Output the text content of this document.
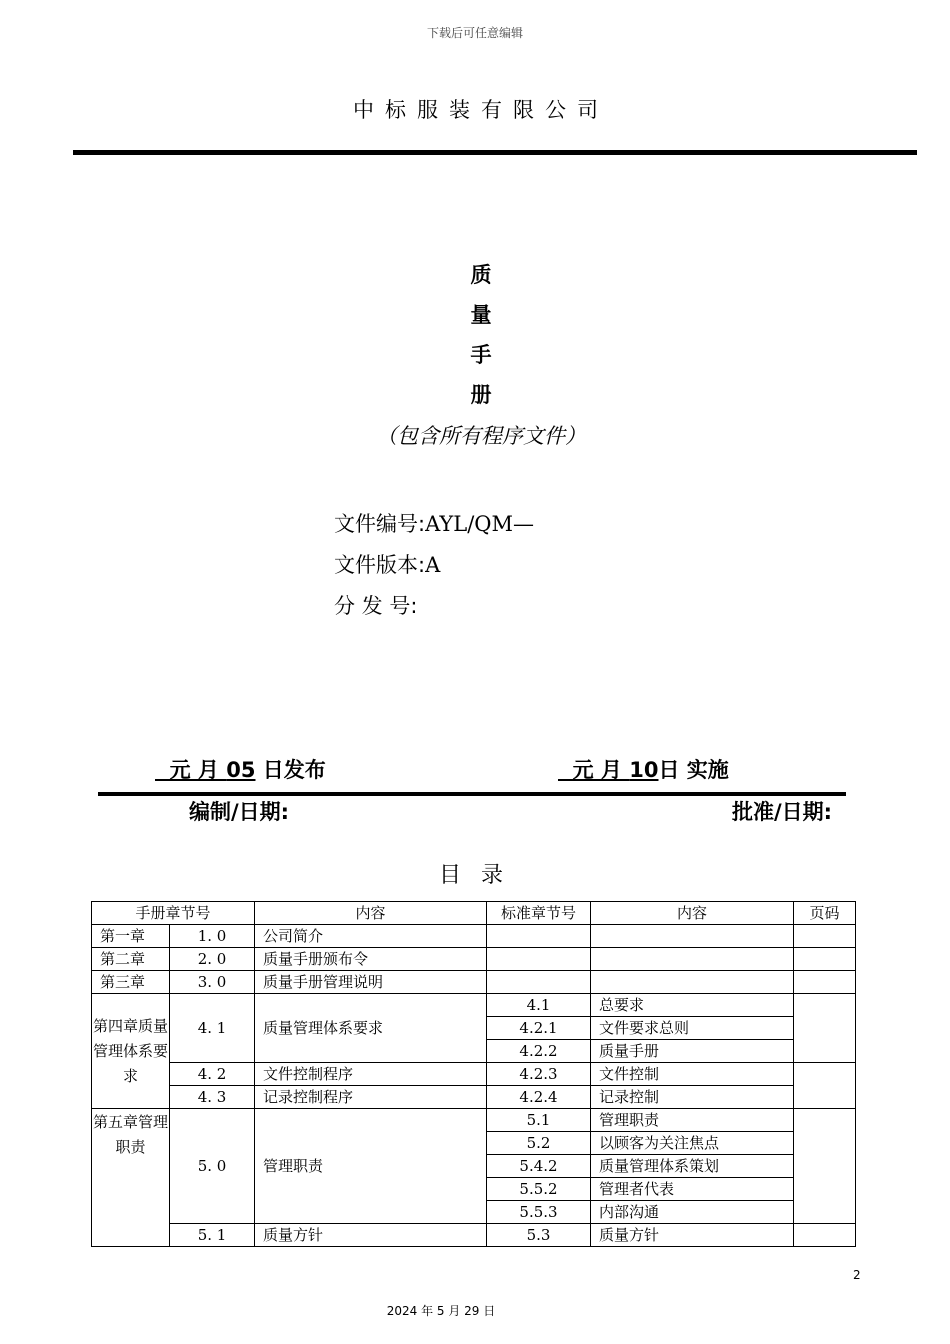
下载后可任意编辑
中标服装有限公司
质
量
手
册
（包含所有程序文件）
文件编号:AYL/QM—
文件版本:A
分 发 号:
元 月 05 日发布	元 月 10日 实施
编制/日期:	批准/日期:
目录
手册章节号		内容	标准章节号	内容	页码
第一章	1. 0	公司简介			
第二章	2. 0	质量手册颁布令			
第三章	3. 0	质量手册管理说明			
第四章质量管理体系要求	4. 1	质量管理体系要求	4.1	总要求	
			4.2.1	文件要求总则	
			4.2.2	质量手册	
	4. 2	文件控制程序	4.2.3	文件控制	
	4. 3	记录控制程序	4.2.4	记录控制	
第五章管理职责	5. 0	管理职责	5.1	管理职责	
			5.2	以顾客为关注焦点	
			5.4.2	质量管理体系策划	
			5.5.2	管理者代表	
			5.5.3	内部沟通	
	5. 1	质量方针	5.3	质量方针	
2
2024 年 5 月 29 日
